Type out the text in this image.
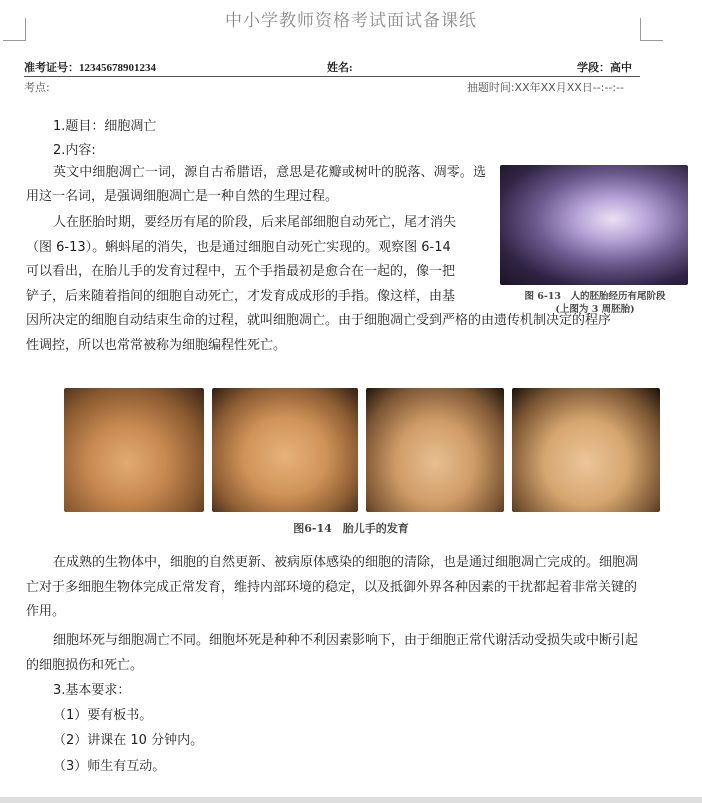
中小学教师资格考试面试备课纸
准考证号：12345678901234	姓名:	学段：高中
考点:	抽题时间:XX年XX月XX日--:--:--
1.题目：细胞凋亡
2.内容:
英文中细胞凋亡一词，源自古希腊语，意思是花瓣或树叶的脱落、凋零。选用这一名词，是强调细胞凋亡是一种自然的生理过程。
人在胚胎时期，要经历有尾的阶段，后来尾部细胞自动死亡，尾才消失
（图 6-13）。蝌蚪尾的消失，也是通过细胞自动死亡实现的。观察图 6-14
可以看出，在胎儿手的发育过程中，五个手指最初是愈合在一起的，像一把
铲子，后来随着指间的细胞自动死亡，才发育成成形的手指。像这样，由基
因所决定的细胞自动结束生命的过程，就叫细胞凋亡。由于细胞凋亡受到严格的由遗传机制决定的程序
性调控，所以也常常被称为细胞编程性死亡。
图 6-13　人的胚胎经历有尾阶段
(上图为 3 周胚胎)
图6-14　胎儿手的发育
在成熟的生物体中，细胞的自然更新、被病原体感染的细胞的清除，也是通过细胞凋亡完成的。细胞凋亡对于多细胞生物体完成正常发育，维持内部环境的稳定，以及抵御外界各种因素的干扰都起着非常关键的作用。
细胞坏死与细胞凋亡不同。细胞坏死是种种不利因素影响下，由于细胞正常代谢活动受损失或中断引起的细胞损伤和死亡。
3.基本要求：
（1）要有板书。
（2）讲课在 10 分钟内。
（3）师生有互动。
